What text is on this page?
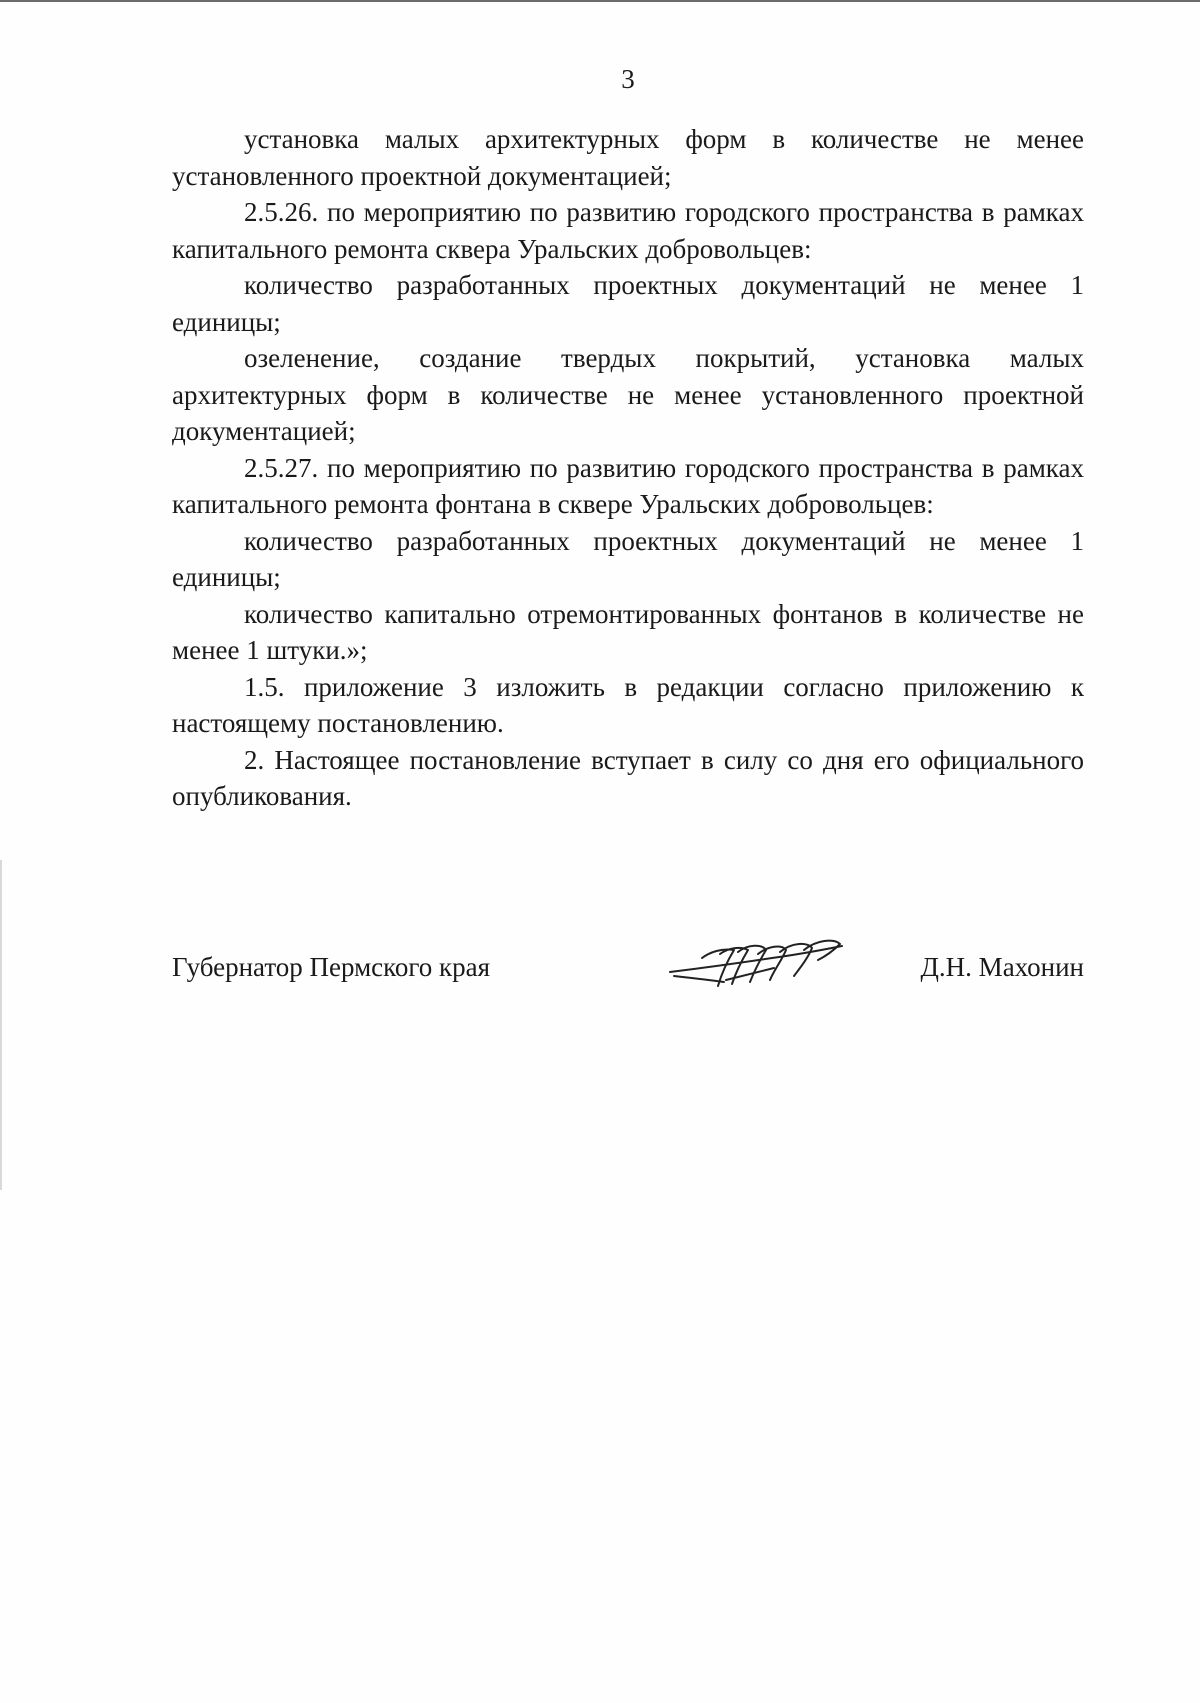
3

установка малых архитектурных форм в количестве не менее установленного проектной документацией;

2.5.26. по мероприятию по развитию городского пространства в рамках капитального ремонта сквера Уральских добровольцев:

количество разработанных проектных документаций не менее 1 единицы;

озеленение, создание твердых покрытий, установка малых архитектурных форм в количестве не менее установленного проектной документацией;

2.5.27. по мероприятию по развитию городского пространства в рамках капитального ремонта фонтана в сквере Уральских добровольцев:

количество разработанных проектных документаций не менее 1 единицы;

количество капитально отремонтированных фонтанов в количестве не менее 1 штуки.»;

1.5. приложение 3 изложить в редакции согласно приложению к настоящему постановлению.

2. Настоящее постановление вступает в силу со дня его официального опубликования.

Губернатор Пермского края	Д.Н. Махонин
